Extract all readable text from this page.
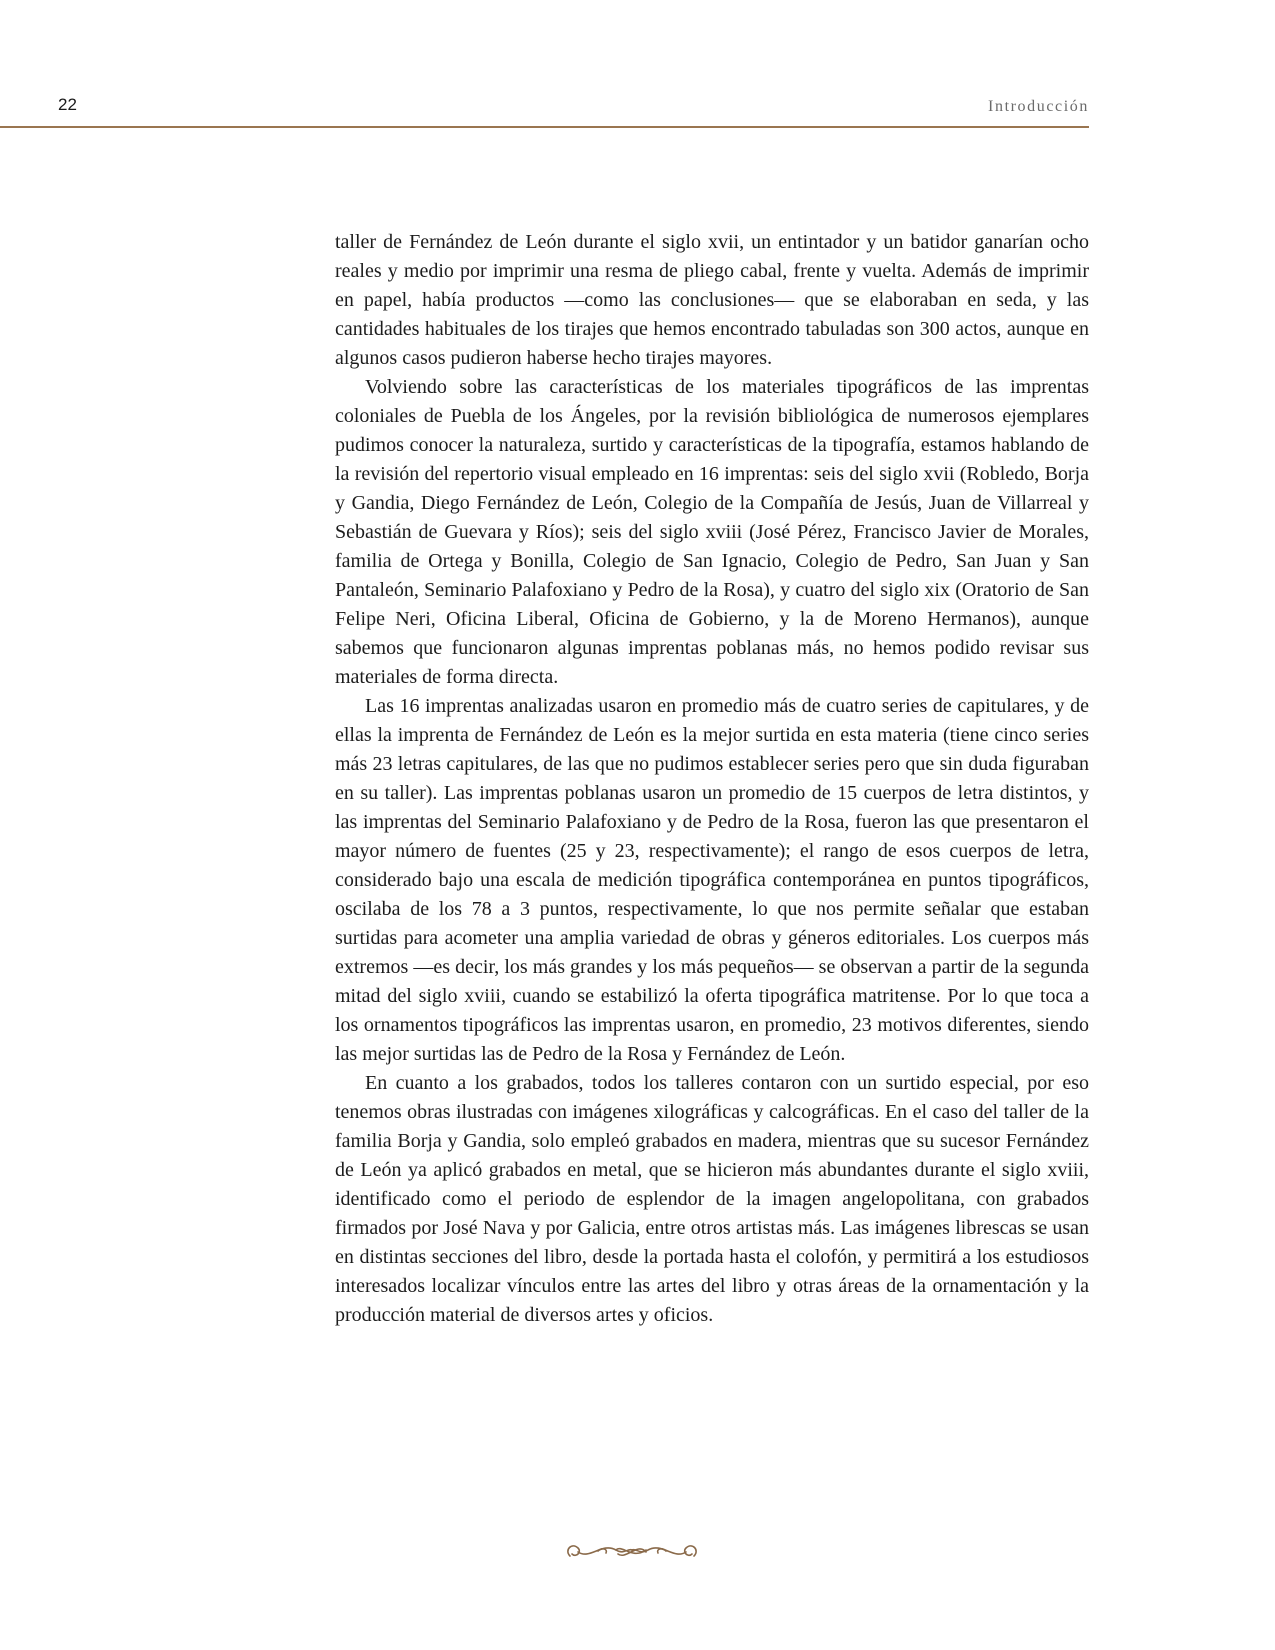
22	Introducción

taller de Fernández de León durante el siglo xvii, un entintador y un batidor ganarían ocho reales y medio por imprimir una resma de pliego cabal, frente y vuelta. Además de imprimir en papel, había productos —como las conclusiones— que se elaboraban en seda, y las cantidades habituales de los tirajes que hemos encontrado tabuladas son 300 actos, aunque en algunos casos pudieron haberse hecho tirajes mayores.

Volviendo sobre las características de los materiales tipográficos de las imprentas coloniales de Puebla de los Ángeles, por la revisión bibliológica de numerosos ejemplares pudimos conocer la naturaleza, surtido y características de la tipografía, estamos hablando de la revisión del repertorio visual empleado en 16 imprentas: seis del siglo xvii (Robledo, Borja y Gandia, Diego Fernández de León, Colegio de la Compañía de Jesús, Juan de Villarreal y Sebastián de Guevara y Ríos); seis del siglo xviii (José Pérez, Francisco Javier de Morales, familia de Ortega y Bonilla, Colegio de San Ignacio, Colegio de Pedro, San Juan y San Pantaleón, Seminario Palafoxiano y Pedro de la Rosa), y cuatro del siglo xix (Oratorio de San Felipe Neri, Oficina Liberal, Oficina de Gobierno, y la de Moreno Hermanos), aunque sabemos que funcionaron algunas imprentas poblanas más, no hemos podido revisar sus materiales de forma directa.

Las 16 imprentas analizadas usaron en promedio más de cuatro series de capitulares, y de ellas la imprenta de Fernández de León es la mejor surtida en esta materia (tiene cinco series más 23 letras capitulares, de las que no pudimos establecer series pero que sin duda figuraban en su taller). Las imprentas poblanas usaron un promedio de 15 cuerpos de letra distintos, y las imprentas del Seminario Palafoxiano y de Pedro de la Rosa, fueron las que presentaron el mayor número de fuentes (25 y 23, respectivamente); el rango de esos cuerpos de letra, considerado bajo una escala de medición tipográfica contemporánea en puntos tipográficos, oscilaba de los 78 a 3 puntos, respectivamente, lo que nos permite señalar que estaban surtidas para acometer una amplia variedad de obras y géneros editoriales. Los cuerpos más extremos —es decir, los más grandes y los más pequeños— se observan a partir de la segunda mitad del siglo xviii, cuando se estabilizó la oferta tipográfica matritense. Por lo que toca a los ornamentos tipográficos las imprentas usaron, en promedio, 23 motivos diferentes, siendo las mejor surtidas las de Pedro de la Rosa y Fernández de León.

En cuanto a los grabados, todos los talleres contaron con un surtido especial, por eso tenemos obras ilustradas con imágenes xilográficas y calcográficas. En el caso del taller de la familia Borja y Gandia, solo empleó grabados en madera, mientras que su sucesor Fernández de León ya aplicó grabados en metal, que se hicieron más abundantes durante el siglo xviii, identificado como el periodo de esplendor de la imagen angelopolitana, con grabados firmados por José Nava y por Galicia, entre otros artistas más. Las imágenes librescas se usan en distintas secciones del libro, desde la portada hasta el colofón, y permitirá a los estudiosos interesados localizar vínculos entre las artes del libro y otras áreas de la ornamentación y la producción material de diversos artes y oficios.
